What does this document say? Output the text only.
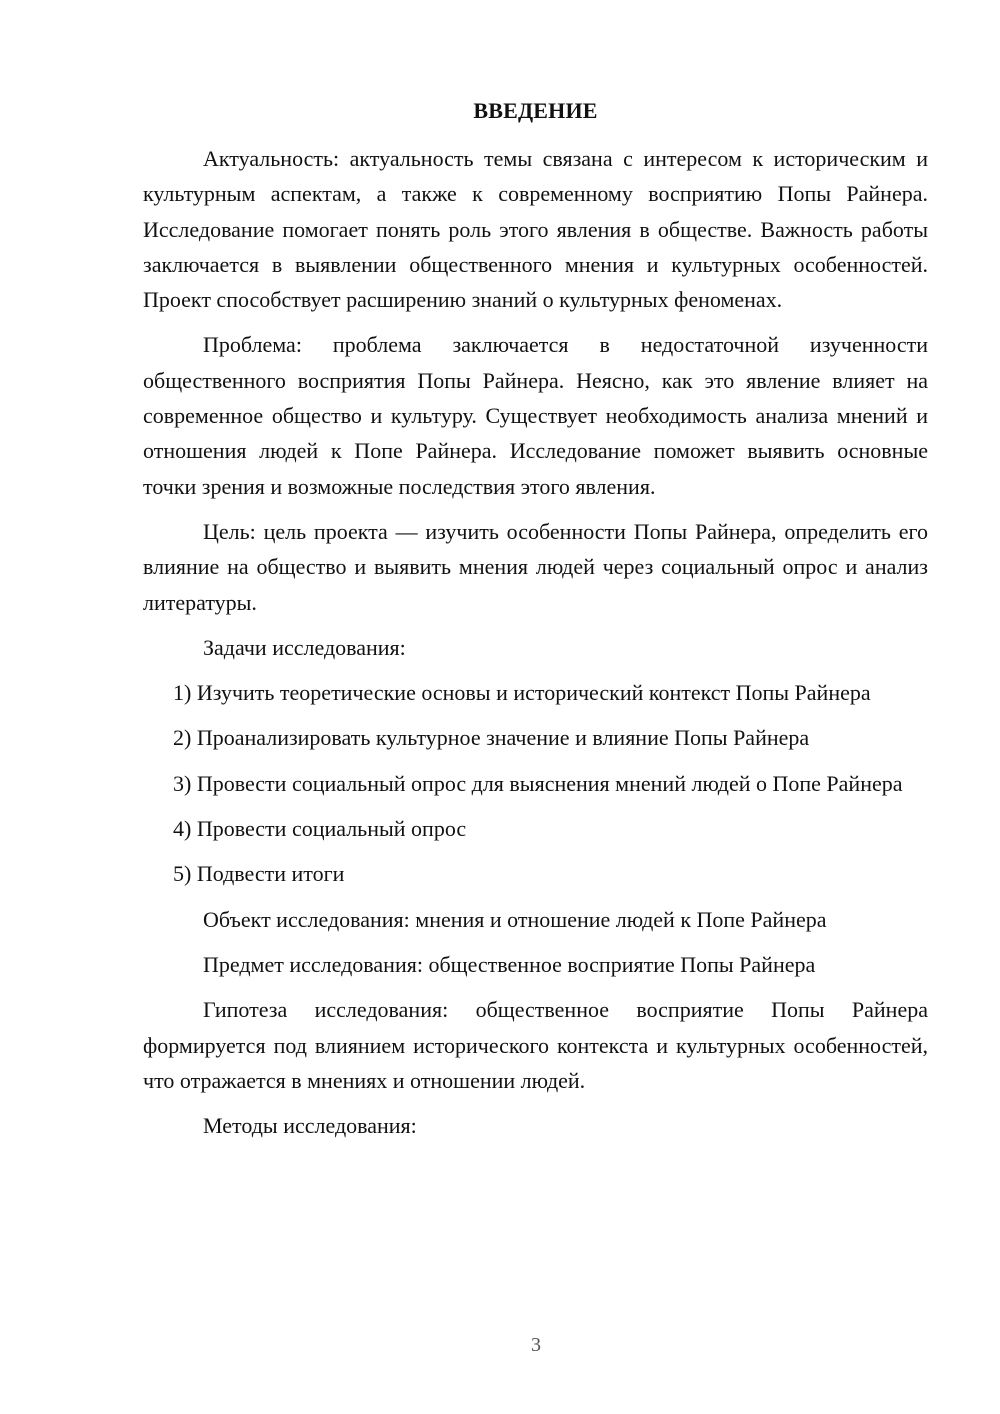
ВВЕДЕНИЕ

Актуальность: актуальность темы связана с интересом к историческим и культурным аспектам, а также к современному восприятию Попы Райнера. Исследование помогает понять роль этого явления в обществе. Важность работы заключается в выявлении общественного мнения и культурных особенностей. Проект способствует расширению знаний о культурных феноменах.

Проблема: проблема заключается в недостаточной изученности общественного восприятия Попы Райнера. Неясно, как это явление влияет на современное общество и культуру. Существует необходимость анализа мнений и отношения людей к Попе Райнера. Исследование поможет выявить основные точки зрения и возможные последствия этого явления.

Цель: цель проекта — изучить особенности Попы Райнера, определить его влияние на общество и выявить мнения людей через социальный опрос и анализ литературы.

Задачи исследования:

1) Изучить теоретические основы и исторический контекст Попы Райнера

2) Проанализировать культурное значение и влияние Попы Райнера

3) Провести социальный опрос для выяснения мнений людей о Попе Райнера

4) Провести социальный опрос

5) Подвести итоги

Объект исследования: мнения и отношение людей к Попе Райнера

Предмет исследования: общественное восприятие Попы Райнера

Гипотеза исследования: общественное восприятие Попы Райнера формируется под влиянием исторического контекста и культурных особенностей, что отражается в мнениях и отношении людей.

Методы исследования:

3
